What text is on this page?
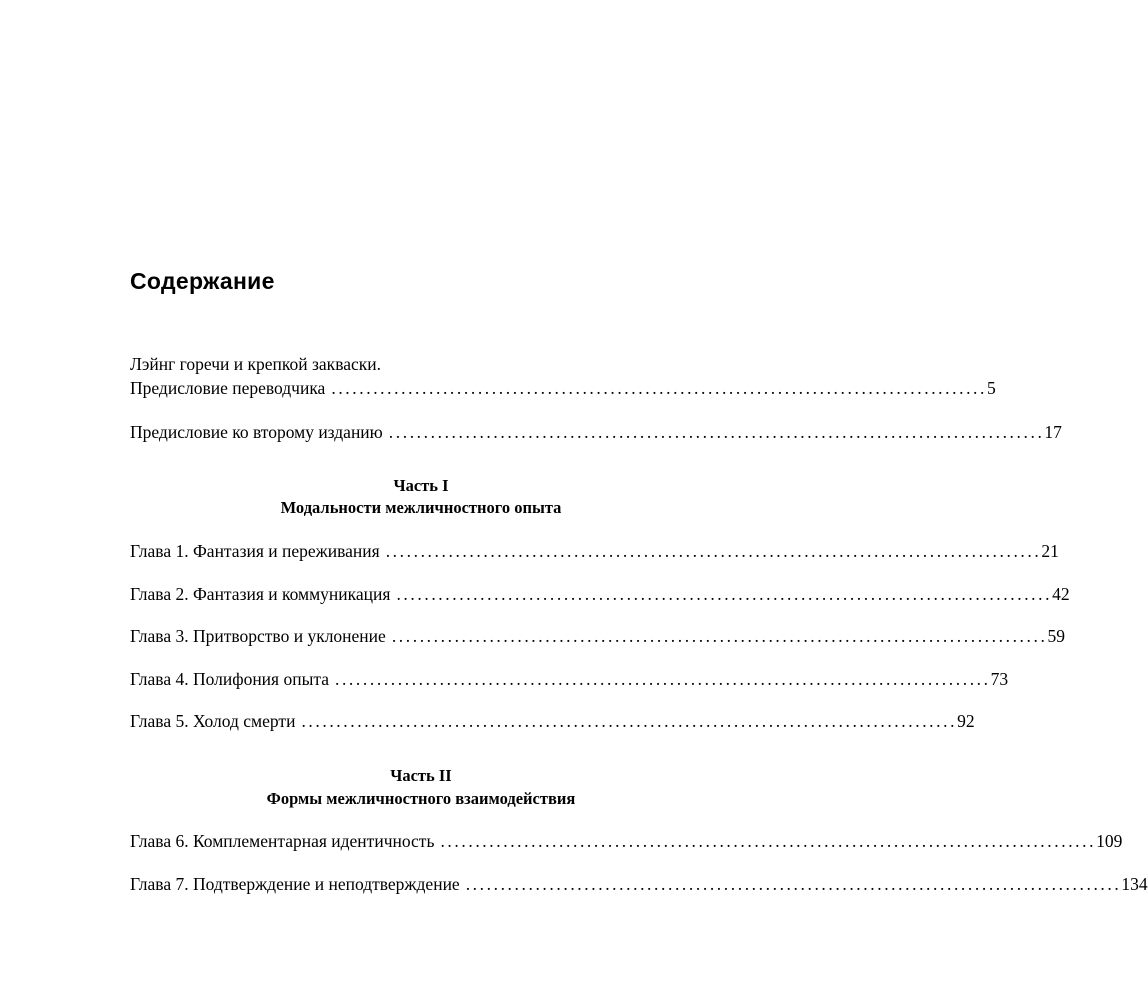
Содержание
Лэйнг горечи и крепкой закваски.
Предисловие переводчика .............................................................................................. 5
Предисловие ко второму изданию .............................................................................................. 17
Часть I
Модальности межличностного опыта
Глава 1. Фантазия и переживания .............................................................................................. 21
Глава 2. Фантазия и коммуникация .............................................................................................. 42
Глава 3. Притворство и уклонение .............................................................................................. 59
Глава 4. Полифония опыта .............................................................................................. 73
Глава 5. Холод смерти .............................................................................................. 92
Часть II
Формы межличностного взаимодействия
Глава 6. Комплементарная идентичность .............................................................................................. 109
Глава 7. Подтверждение и неподтверждение .............................................................................................. 134
